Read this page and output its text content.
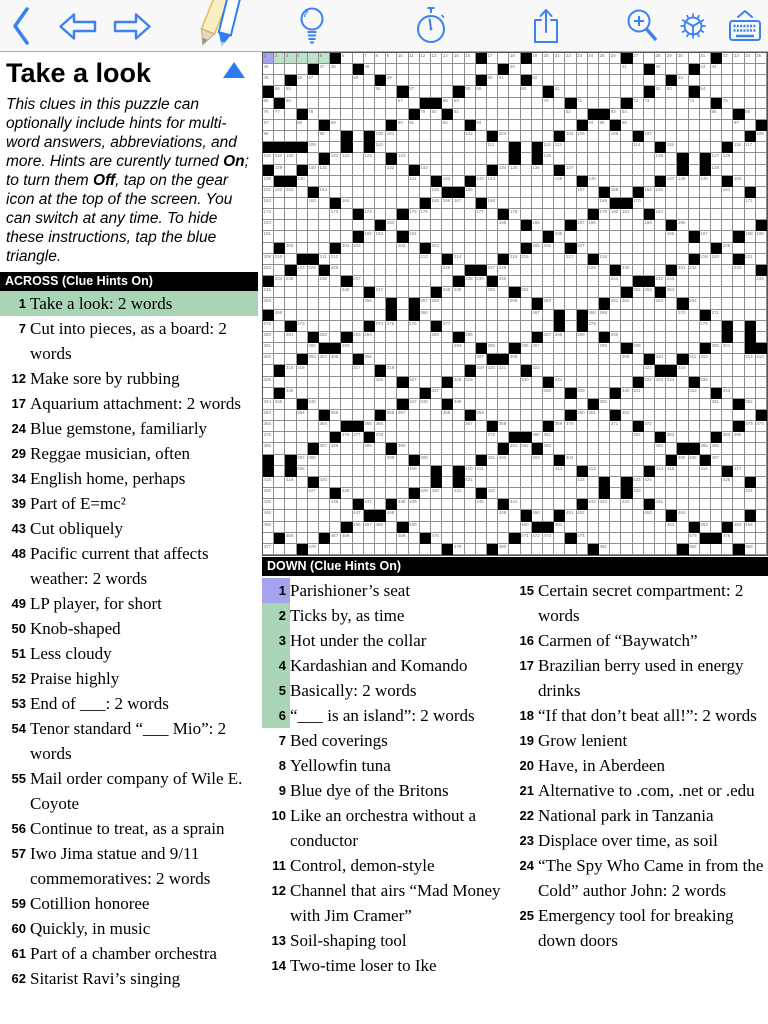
Take a look

This clues in this puzzle can optionally include hints for multi-word answers, abbreviations, and more. Hints are curently turned On; to turn them Off, tap on the gear icon at the top of the screen. You can switch at any time. To hide these instructions, tap the blue triangle.

ACROSS (Clue Hints On)
1 Take a look: 2 words
7 Cut into pieces, as a board: 2 words
12 Make sore by rubbing
17 Aquarium attachment: 2 words
24 Blue gemstone, familiarly
29 Reggae musician, often
34 English home, perhaps
39 Part of E=mc²
43 Cut obliquely
48 Pacific current that affects weather: 2 words
49 LP player, for short
50 Knob-shaped
51 Less cloudy
52 Praise highly
53 End of ___: 2 words
54 Tenor standard “___ Mio”: 2 words
55 Mail order company of Wile E. Coyote
56 Continue to treat, as a sprain
57 Iwo Jima statue and 9/11 commemoratives: 2 words
59 Cotillion honoree
60 Quickly, in music
61 Part of a chamber orchestra
62 Sitarist Ravi’s singing
1 2 3 4	5	6	7 8 9 10 11 12 13 14 15 16	17	18	19 20 21 22 23 24 25 26	27	28 29 30	31	32 33 34 35
36	37 38	39	40	41	42	43 44
45	46 47	48	49	50 51	52	53
54 55	56	57	58 59	60	61	62 63	64
65	66	67	68 69	70	71	72 73	74	75
76 77	78	79 80	81	82	83 84	85	86
87	88	89	90 91	92	93	94 95	96	97
98	99	100 101	102	103	104 105	106	107	108
109	110	111	112 113	114	115	116 117
118 119 120	121 122	123	124	125	126	127 128
129	130 131	132	133	134 135	136	137	138
139	140	141	142	143 144	145	146	147 148	149	150
151 152 153	154	155	156	157	158	159 160	161
162	163	164	165 166 167	168	169	170	171
172	173	174	175 176	177	178	179 180 181	182
183	184	185	186	187 188	189	190
191	192 193	194	195	196	197	198 199
200	201 202	203	204	205 206	207	208
209 210	211 212	213	214	215 216	217	218	219 220	221
222	223 224	225	226	227 228	229	230	231 232	233
234 235	236	237	238 239	240	241	242 243	244
245	246	247	248 249	250	251	252 253	254
255	256	257 258	259	260	261 262	263	264
265	266	267	268 269	270	271
272	273	274 275	276	277	278	279
280	281	282	283 284	285	286	287 288	289	290
291	292	293	294	295	296 297	298	299	300 301
302	303 304 305	306	307	308	309	310	311 312	313 314
315 316	317	318	319 320 321	322	323	324
325	326	327	328 329	330	331	332 333 334	335
336	337	338	339	340 341	342	343
344 345	346	347 348	349	350	351	352
353	354	355	356 357	358	359	360 361	362
363	364	365 366	367	368	369 370	371	372	373 374
375	376 377	378	379	380 381	382	383	384 385
386	387 388	389	390	391 392	393	394	395 396
397 398	399	400	401 402	403	404	405 406	407
408	409	410 411	412	413	414 415	416	417
418	419	420	421	422	423 424	425
426	427	428	429 430	431	432	433	434
435	436	437	438 439	440	441	442 443	444	445
446	447	448	449	450	451 452	453	454
455	456 457 458	459	460	461	462	463	464 465
466	467 468	469	470	471 472 473	474	475	476
477	478	479	480	481	482	483
DOWN (Clue Hints On)
1 Parishioner’s seat
2 Ticks by, as time
3 Hot under the collar
4 Kardashian and Komando
5 Basically: 2 words
6 “___ is an island”: 2 words
7 Bed coverings
8 Yellowfin tuna
9 Blue dye of the Britons
10 Like an orchestra without a conductor
11 Control, demon-style
12 Channel that airs “Mad Money with Jim Cramer”
13 Soil-shaping tool
14 Two-time loser to Ike
15 Certain secret compartment: 2 words
16 Carmen of “Baywatch”
17 Brazilian berry used in energy drinks
18 “If that don’t beat all!”: 2 words
19 Grow lenient
20 Have, in Aberdeen
21 Alternative to .com, .net or .edu
22 National park in Tanzania
23 Displace over time, as soil
24 “The Spy Who Came in from the Cold” author John: 2 words
25 Emergency tool for breaking down doors
